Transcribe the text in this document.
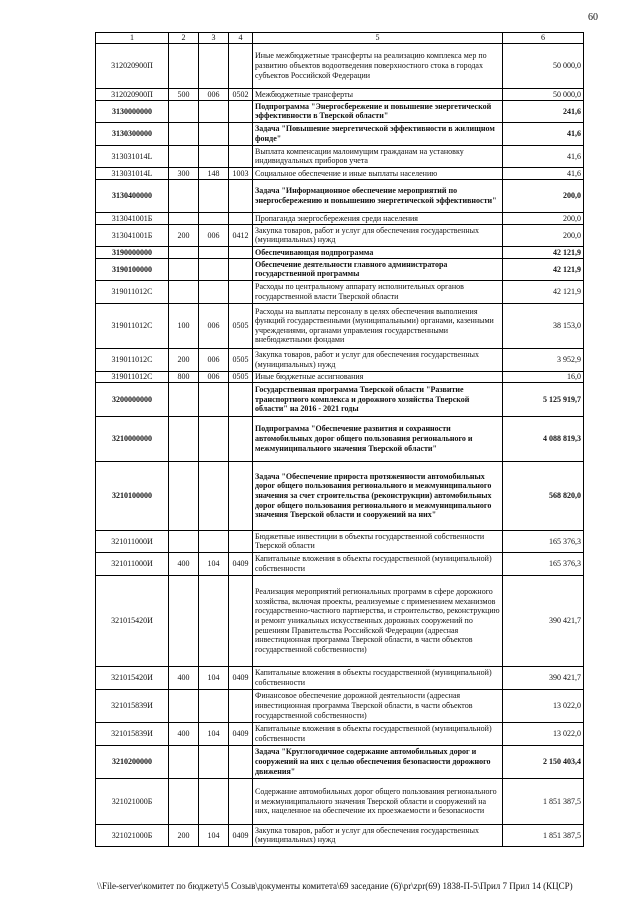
60
1	2	3	4	5	6
312020900П				Иные межбюджетные трансферты на реализацию комплекса мер по развитию объектов водоотведения поверхностного стока в городах субъектов Российской Федерации	50 000,0
312020900П	500	006	0502	Межбюджетные трансферты	50 000,0
3130000000				Подпрограмма "Энергосбережение и повышение энергетической эффективности в Тверской области"	241,6
3130300000				Задача "Повышение энергетической эффективности в жилищном фонде"	41,6
313031014L				Выплата компенсации малоимущим гражданам на установку индивидуальных приборов учета	41,6
313031014L	300	148	1003	Социальное обеспечение и иные выплаты населению	41,6
3130400000				Задача "Информационное обеспечение мероприятий по энергосбережению и повышению энергетической эффективности"	200,0
313041001Б				Пропаганда энергосбережения среди населения	200,0
313041001Б	200	006	0412	Закупка товаров, работ и услуг для обеспечения государственных (муниципальных) нужд	200,0
3190000000				Обеспечивающая подпрограмма	42 121,9
3190100000				Обеспечение деятельности главного администратора государственной программы	42 121,9
319011012С				Расходы по центральному аппарату исполнительных органов государственной власти Тверской области	42 121,9
319011012С	100	006	0505	Расходы на выплаты персоналу в целях обеспечения выполнения функций государственными (муниципальными) органами, казенными учреждениями, органами управления государственными внебюджетными фондами	38 153,0
319011012С	200	006	0505	Закупка товаров, работ и услуг для обеспечения государственных (муниципальных) нужд	3 952,9
319011012С	800	006	0505	Иные бюджетные ассигнования	16,0
3200000000				Государственная программа Тверской области "Развитие транспортного комплекса и дорожного хозяйства Тверской области" на 2016 - 2021 годы	5 125 919,7
3210000000				Подпрограмма "Обеспечение развития и сохранности автомобильных дорог общего пользования регионального и межмуниципального значения Тверской области"	4 088 819,3
3210100000				Задача "Обеспечение прироста протяженности автомобильных дорог общего пользования регионального и межмуниципального значения за счет строительства (реконструкции) автомобильных дорог общего пользования регионального и межмуниципального значения Тверской области и сооружений на них"	568 820,0
321011000И				Бюджетные инвестиции в объекты государственной собственности Тверской области	165 376,3
321011000И	400	104	0409	Капитальные вложения в объекты государственной (муниципальной) собственности	165 376,3
321015420И				Реализация мероприятий региональных программ в сфере дорожного хозяйства, включая проекты, реализуемые с применением механизмов государственно-частного партнерства, и строительство, реконструкцию и ремонт уникальных искусственных дорожных сооружений по решениям Правительства Российской Федерации (адресная инвестиционная программа Тверской области, в части объектов государственной собственности)	390 421,7
321015420И	400	104	0409	Капитальные вложения в объекты государственной (муниципальной) собственности	390 421,7
321015839И				Финансовое обеспечение дорожной деятельности (адресная инвестиционная программа Тверской области, в части объектов государственной собственности)	13 022,0
321015839И	400	104	0409	Капитальные вложения в объекты государственной (муниципальной) собственности	13 022,0
3210200000				Задача "Круглогодичное содержание автомобильных дорог и сооружений на них с целью обеспечения безопасности дорожного движения"	2 150 403,4
321021000Б				Содержание автомобильных дорог общего пользования регионального и межмуниципального значения Тверской области и сооружений на них, нацеленное на обеспечение их проезжаемости и безопасности	1 851 387,5
321021000Б	200	104	0409	Закупка товаров, работ и услуг для обеспечения государственных (муниципальных) нужд	1 851 387,5
\\File-server\комитет по бюджету\5 Созыв\документы комитета\69 заседание (6)\pr\zpr(69) 1838-П-5\Прил 7 Прил 14 (КЦСР)
